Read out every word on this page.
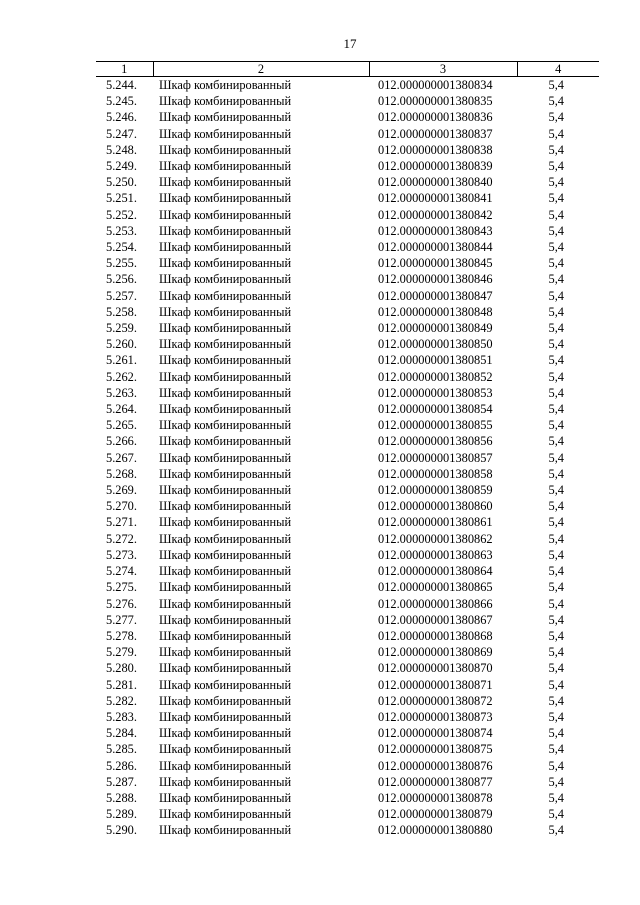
17
1	2	3	4
5.244.	Шкаф комбинированный	012.000000001380834	5,4
5.245.	Шкаф комбинированный	012.000000001380835	5,4
5.246.	Шкаф комбинированный	012.000000001380836	5,4
5.247.	Шкаф комбинированный	012.000000001380837	5,4
5.248.	Шкаф комбинированный	012.000000001380838	5,4
5.249.	Шкаф комбинированный	012.000000001380839	5,4
5.250.	Шкаф комбинированный	012.000000001380840	5,4
5.251.	Шкаф комбинированный	012.000000001380841	5,4
5.252.	Шкаф комбинированный	012.000000001380842	5,4
5.253.	Шкаф комбинированный	012.000000001380843	5,4
5.254.	Шкаф комбинированный	012.000000001380844	5,4
5.255.	Шкаф комбинированный	012.000000001380845	5,4
5.256.	Шкаф комбинированный	012.000000001380846	5,4
5.257.	Шкаф комбинированный	012.000000001380847	5,4
5.258.	Шкаф комбинированный	012.000000001380848	5,4
5.259.	Шкаф комбинированный	012.000000001380849	5,4
5.260.	Шкаф комбинированный	012.000000001380850	5,4
5.261.	Шкаф комбинированный	012.000000001380851	5,4
5.262.	Шкаф комбинированный	012.000000001380852	5,4
5.263.	Шкаф комбинированный	012.000000001380853	5,4
5.264.	Шкаф комбинированный	012.000000001380854	5,4
5.265.	Шкаф комбинированный	012.000000001380855	5,4
5.266.	Шкаф комбинированный	012.000000001380856	5,4
5.267.	Шкаф комбинированный	012.000000001380857	5,4
5.268.	Шкаф комбинированный	012.000000001380858	5,4
5.269.	Шкаф комбинированный	012.000000001380859	5,4
5.270.	Шкаф комбинированный	012.000000001380860	5,4
5.271.	Шкаф комбинированный	012.000000001380861	5,4
5.272.	Шкаф комбинированный	012.000000001380862	5,4
5.273.	Шкаф комбинированный	012.000000001380863	5,4
5.274.	Шкаф комбинированный	012.000000001380864	5,4
5.275.	Шкаф комбинированный	012.000000001380865	5,4
5.276.	Шкаф комбинированный	012.000000001380866	5,4
5.277.	Шкаф комбинированный	012.000000001380867	5,4
5.278.	Шкаф комбинированный	012.000000001380868	5,4
5.279.	Шкаф комбинированный	012.000000001380869	5,4
5.280.	Шкаф комбинированный	012.000000001380870	5,4
5.281.	Шкаф комбинированный	012.000000001380871	5,4
5.282.	Шкаф комбинированный	012.000000001380872	5,4
5.283.	Шкаф комбинированный	012.000000001380873	5,4
5.284.	Шкаф комбинированный	012.000000001380874	5,4
5.285.	Шкаф комбинированный	012.000000001380875	5,4
5.286.	Шкаф комбинированный	012.000000001380876	5,4
5.287.	Шкаф комбинированный	012.000000001380877	5,4
5.288.	Шкаф комбинированный	012.000000001380878	5,4
5.289.	Шкаф комбинированный	012.000000001380879	5,4
5.290.	Шкаф комбинированный	012.000000001380880	5,4
